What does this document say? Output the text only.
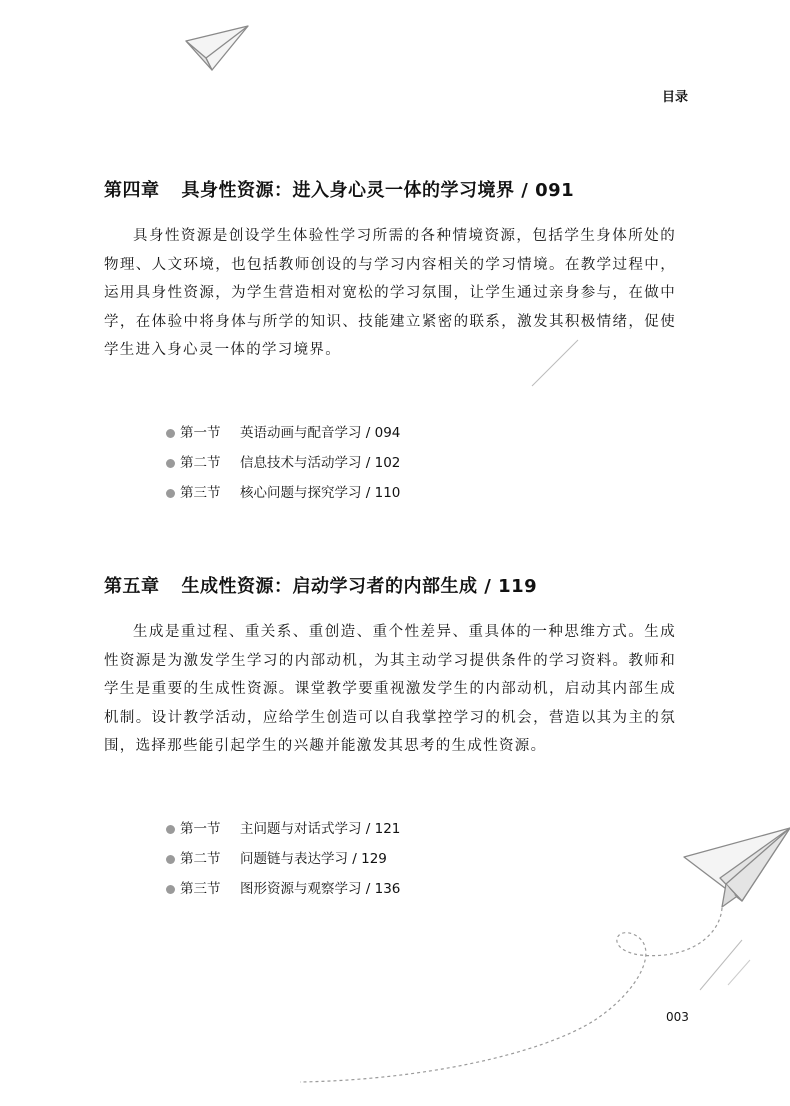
目录
第四章 具身性资源：进入身心灵一体的学习境界 / 091

具身性资源是创设学生体验性学习所需的各种情境资源，包括学生身体所处的物理、人文环境，也包括教师创设的与学习内容相关的学习情境。在教学过程中，运用具身性资源，为学生营造相对宽松的学习氛围，让学生通过亲身参与，在做中学，在体验中将身体与所学的知识、技能建立紧密的联系，激发其积极情绪，促使学生进入身心灵一体的学习境界。

第一节	英语动画与配音学习 / 094
第二节	信息技术与活动学习 / 102
第三节	核心问题与探究学习 / 110
第五章 生成性资源：启动学习者的内部生成 / 119

生成是重过程、重关系、重创造、重个性差异、重具体的一种思维方式。生成性资源是为激发学生学习的内部动机，为其主动学习提供条件的学习资料。教师和学生是重要的生成性资源。课堂教学要重视激发学生的内部动机，启动其内部生成机制。设计教学活动，应给学生创造可以自我掌控学习的机会，营造以其为主的氛围，选择那些能引起学生的兴趣并能激发其思考的生成性资源。

第一节	主问题与对话式学习 / 121
第二节	问题链与表达学习 / 129
第三节	图形资源与观察学习 / 136
003
